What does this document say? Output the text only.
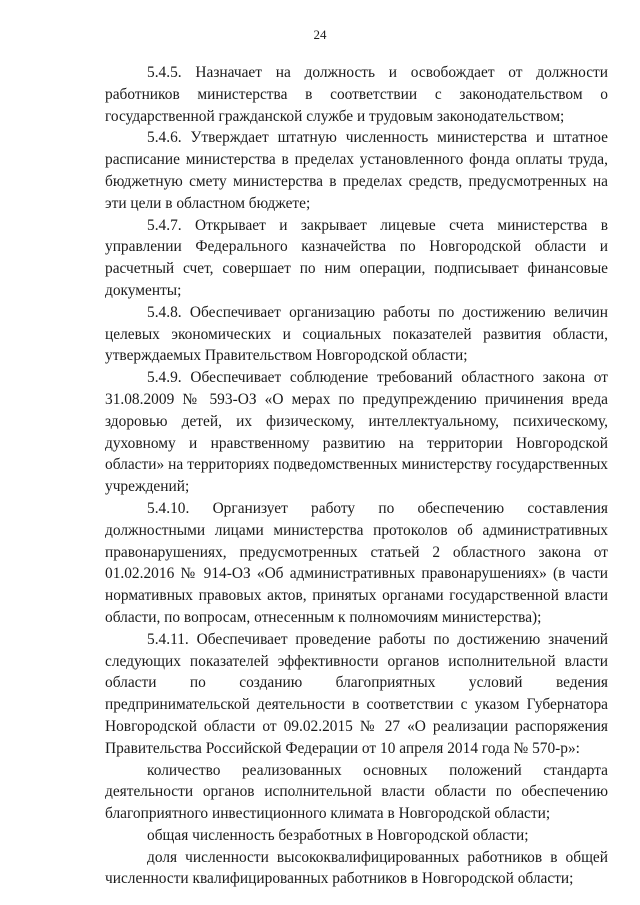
24

5.4.5. Назначает на должность и освобождает от должности работников министерства в соответствии с законодательством о государственной гражданской службе и трудовым законодательством;

5.4.6. Утверждает штатную численность министерства и штатное расписание министерства в пределах установленного фонда оплаты труда, бюджетную смету министерства в пределах средств, предусмотренных на эти цели в областном бюджете;

5.4.7. Открывает и закрывает лицевые счета министерства в управлении Федерального казначейства по Новгородской области и расчетный счет, совершает по ним операции, подписывает финансовые документы;

5.4.8. Обеспечивает организацию работы по достижению величин целевых экономических и социальных показателей развития области, утверждаемых Правительством Новгородской области;

5.4.9. Обеспечивает соблюдение требований областного закона от 31.08.2009 № 593-ОЗ «О мерах по предупреждению причинения вреда здоровью детей, их физическому, интеллектуальному, психическому, духовному и нравственному развитию на территории Новгородской области» на территориях подведомственных министерству государственных учреждений;

5.4.10. Организует работу по обеспечению составления должностными лицами министерства протоколов об административных правонарушениях, предусмотренных статьей 2 областного закона от 01.02.2016 № 914-ОЗ «Об административных правонарушениях» (в части нормативных правовых актов, принятых органами государственной власти области, по вопросам, отнесенным к полномочиям министерства);

5.4.11. Обеспечивает проведение работы по достижению значений следующих показателей эффективности органов исполнительной власти области по созданию благоприятных условий ведения предпринимательской деятельности в соответствии с указом Губернатора Новгородской области от 09.02.2015 № 27 «О реализации распоряжения Правительства Российской Федерации от 10 апреля 2014 года № 570-р»:

количество реализованных основных положений стандарта деятельности органов исполнительной власти области по обеспечению благоприятного инвестиционного климата в Новгородской области;

общая численность безработных в Новгородской области;

доля численности высококвалифицированных работников в общей численности квалифицированных работников в Новгородской области;
